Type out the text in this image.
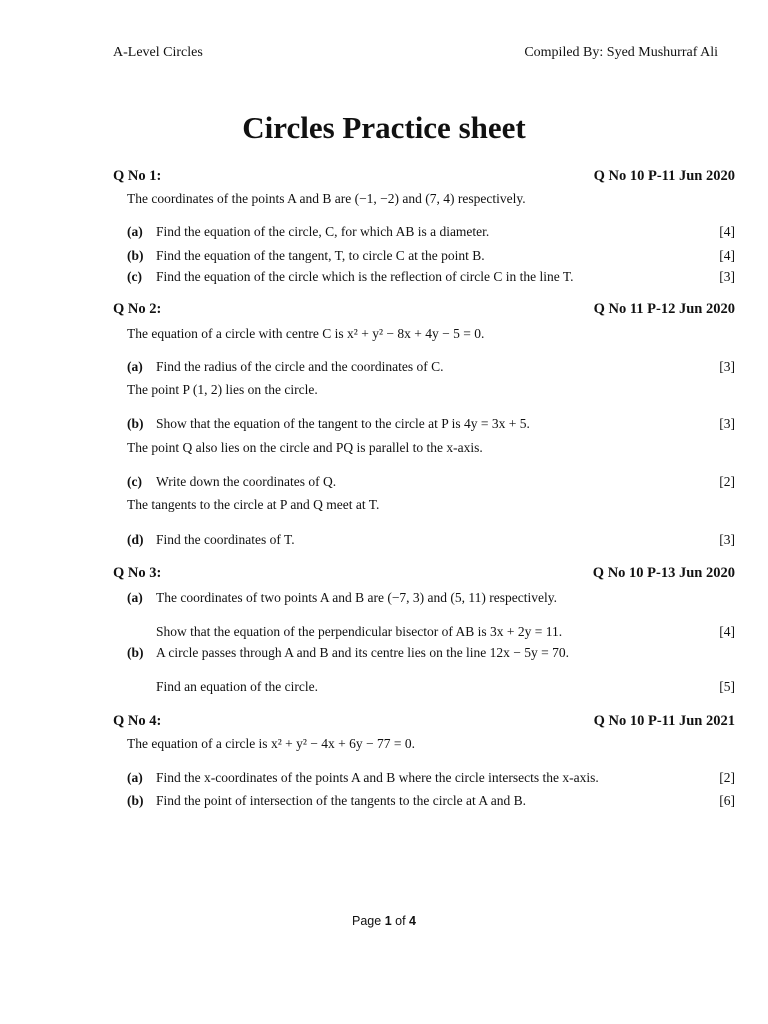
A-Level Circles	Compiled By: Syed Mushurraf Ali
Circles Practice sheet
Q No 1:	Q No 10 P-11 Jun 2020
The coordinates of the points A and B are (−1, −2) and (7, 4) respectively.
(a) Find the equation of the circle, C, for which AB is a diameter.	[4]
(b) Find the equation of the tangent, T, to circle C at the point B.	[4]
(c)	Find the equation of the circle which is the reflection of circle C in the line T.	[3]
Q No 2:	Q No 11 P-12 Jun 2020
The equation of a circle with centre C is x² + y² − 8x + 4y − 5 = 0.
(a) Find the radius of the circle and the coordinates of C.	[3]
The point P (1, 2) lies on the circle.
(b) Show that the equation of the tangent to the circle at P is 4y = 3x + 5.	[3]
The point Q also lies on the circle and PQ is parallel to the x-axis.
(c)	Write down the coordinates of Q.	[2]
The tangents to the circle at P and Q meet at T.
(d) Find the coordinates of T.	[3]
Q No 3:	Q No 10 P-13 Jun 2020
(a) The coordinates of two points A and B are (−7, 3) and (5, 11) respectively.
Show that the equation of the perpendicular bisector of AB is 3x + 2y = 11.	[4]
(b) A circle passes through A and B and its centre lies on the line 12x − 5y = 70.
Find an equation of the circle.	[5]
Q No 4:	Q No 10 P-11 Jun 2021
The equation of a circle is x² + y² − 4x + 6y − 77 = 0.
(a) Find the x-coordinates of the points A and B where the circle intersects the x-axis.	[2]
(b) Find the point of intersection of the tangents to the circle at A and B.	[6]
Page 1 of 4
